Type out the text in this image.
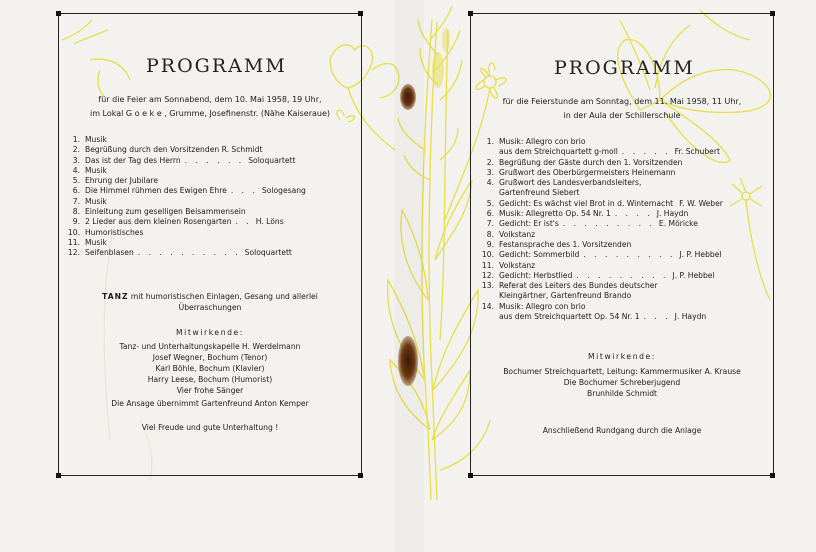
PROGRAMM
für die Feier am Sonnabend, dem 10. Mai 1958, 19 Uhr,
im Lokal G o e k e , Grumme, Josefinenstr. (Nähe Kaiseraue)
1. Musik
2. Begrüßung durch den Vorsitzenden R. Schmidt
3. Das ist der Tag des Herrn . . . . . . Soloquartett
4. Musik
5. Ehrung der Jubilare
6. Die Himmel rühmen des Ewigen Ehre . . . Sologesang
7. Musik
8. Einleitung zum geselligen Beisammensein
9. 2 Lieder aus dem kleinen Rosengarten . . H. Löns
10. Humoristisches
11. Musik
12. Seifenblasen . . . . . . . . . . Soloquartett
TANZ mit humoristischen Einlagen, Gesang und allerlei
Überraschungen
Mitwirkende:
Tanz- und Unterhaltungskapelle H. Werdelmann
Josef Wegner, Bochum (Tenor)
Karl Böhle, Bochum (Klavier)
Harry Leese, Bochum (Humorist)
Vier frohe Sänger
Die Ansage übernimmt Gartenfreund Anton Kemper
Viel Freude und gute Unterhaltung !
PROGRAMM
für die Feierstunde am Sonntag, dem 11. Mai 1958, 11 Uhr,
in der Aula der Schillerschule
1. Musik: Allegro con brio
aus dem Streichquartett g-moll . . . . . Fr. Schubert
2. Begrüßung der Gäste durch den 1. Vorsitzenden
3. Grußwort des Oberbürgermeisters Heinemann
4. Grußwort des Landesverbandsleiters,
Gartenfreund Siebert
5. Gedicht: Es wächst viel Brot in d. Winternacht F. W. Weber
6. Musik: Allegretto Op. 54 Nr. 1 . . . . J. Haydn
7. Gedicht: Er ist's . . . . . . . . . E. Möricke
8. Volkstanz
9. Festansprache des 1. Vorsitzenden
10. Gedicht: Sommerbild . . . . . . . . . J. P. Hebbel
11. Volkstanz
12. Gedicht: Herbstlied . . . . . . . . . J. P. Hebbel
13. Referat des Leiters des Bundes deutscher
Kleingärtner, Gartenfreund Brando
14. Musik: Allegro con brio
aus dem Streichquartett Op. 54 Nr. 1 . . . J. Haydn
Mitwirkende:
Bochumer Streichquartett, Leitung: Kammermusiker A. Krause
Die Bochumer Schreberjugend
Brunhilde Schmidt
Anschließend Rundgang durch die Anlage
